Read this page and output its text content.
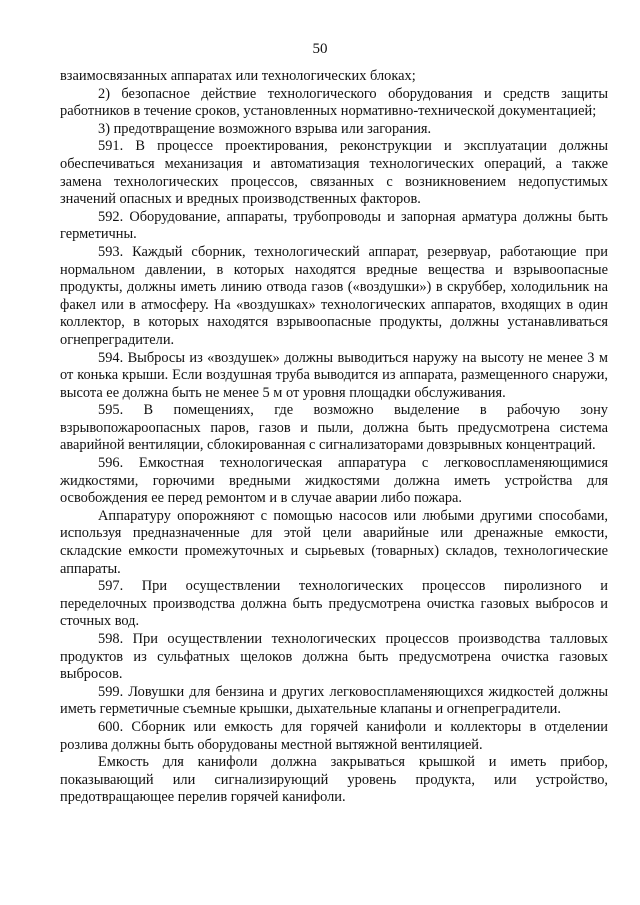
50

взаимосвязанных аппаратах или технологических блоках;

2) безопасное действие технологического оборудования и средств защиты работников в течение сроков, установленных нормативно-технической документацией;

3) предотвращение возможного взрыва или загорания.

591. В процессе проектирования, реконструкции и эксплуатации должны обеспечиваться механизация и автоматизация технологических операций, а также замена технологических процессов, связанных с возникновением недопустимых значений опасных и вредных производственных факторов.

592. Оборудование, аппараты, трубопроводы и запорная арматура должны быть герметичны.

593. Каждый сборник, технологический аппарат, резервуар, работающие при нормальном давлении, в которых находятся вредные вещества и взрывоопасные продукты, должны иметь линию отвода газов («воздушки») в скруббер, холодильник на факел или в атмосферу. На «воздушках» технологических аппаратов, входящих в один коллектор, в которых находятся взрывоопасные продукты, должны устанавливаться огнепреградители.

594. Выбросы из «воздушек» должны выводиться наружу на высоту не менее 3 м от конька крыши. Если воздушная труба выводится из аппарата, размещенного снаружи, высота ее должна быть не менее 5 м от уровня площадки обслуживания.

595. В помещениях, где возможно выделение в рабочую зону взрывопожароопасных паров, газов и пыли, должна быть предусмотрена система аварийной вентиляции, сблокированная с сигнализаторами довзрывных концентраций.

596. Емкостная технологическая аппаратура с легковоспламеняющимися жидкостями, горючими вредными жидкостями должна иметь устройства для освобождения ее перед ремонтом и в случае аварии либо пожара.

Аппаратуру опорожняют с помощью насосов или любыми другими способами, используя предназначенные для этой цели аварийные или дренажные емкости, складские емкости промежуточных и сырьевых (товарных) складов, технологические аппараты.

597. При осуществлении технологических процессов пиролизного и переделочных производства должна быть предусмотрена очистка газовых выбросов и сточных вод.

598. При осуществлении технологических процессов производства талловых продуктов из сульфатных щелоков должна быть предусмотрена очистка газовых выбросов.

599. Ловушки для бензина и других легковоспламеняющихся жидкостей должны иметь герметичные съемные крышки, дыхательные клапаны и огнепреградители.

600. Сборник или емкость для горячей канифоли и коллекторы в отделении розлива должны быть оборудованы местной вытяжной вентиляцией.

Емкость для канифоли должна закрываться крышкой и иметь прибор, показывающий или сигнализирующий уровень продукта, или устройство, предотвращающее перелив горячей канифоли.
